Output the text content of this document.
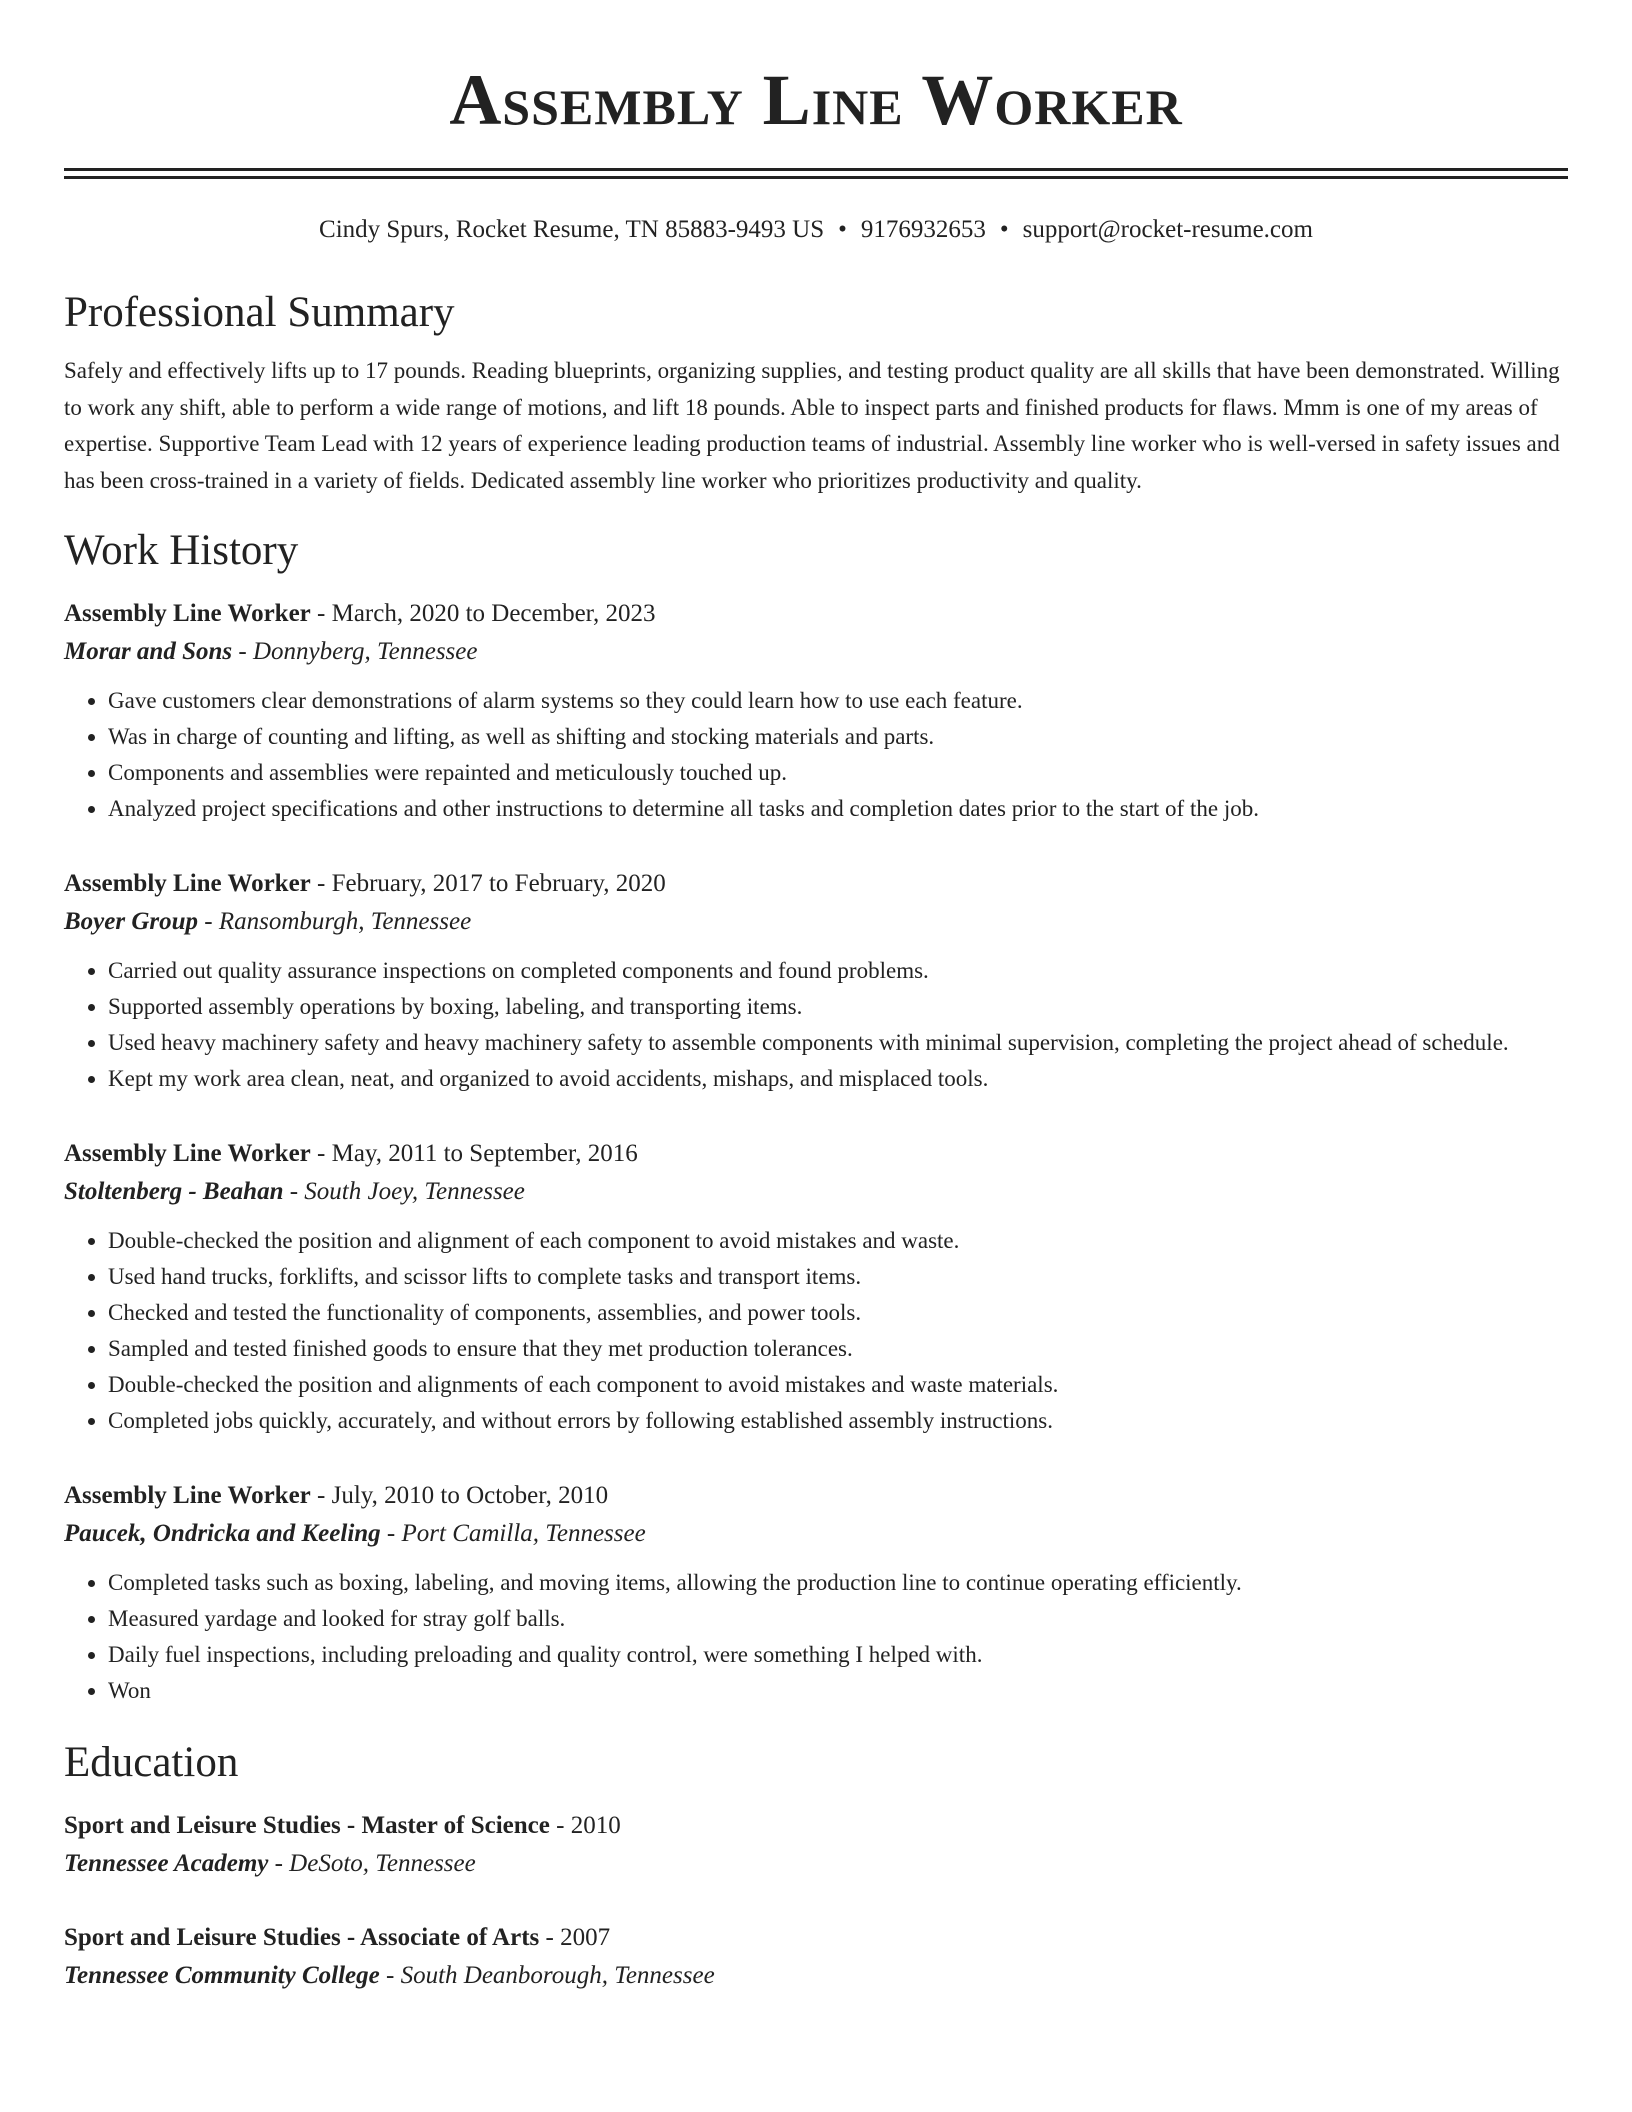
Assembly Line Worker
Cindy Spurs, Rocket Resume, TN 85883-9493 US • 9176932653 • support@rocket-resume.com
Professional Summary
Safely and effectively lifts up to 17 pounds. Reading blueprints, organizing supplies, and testing product quality are all skills that have been demonstrated. Willing to work any shift, able to perform a wide range of motions, and lift 18 pounds. Able to inspect parts and finished products for flaws. Mmm is one of my areas of expertise. Supportive Team Lead with 12 years of experience leading production teams of industrial. Assembly line worker who is well-versed in safety issues and has been cross-trained in a variety of fields. Dedicated assembly line worker who prioritizes productivity and quality.
Work History
Assembly Line Worker - March, 2020 to December, 2023
Morar and Sons - Donnyberg, Tennessee
• Gave customers clear demonstrations of alarm systems so they could learn how to use each feature.
• Was in charge of counting and lifting, as well as shifting and stocking materials and parts.
• Components and assemblies were repainted and meticulously touched up.
• Analyzed project specifications and other instructions to determine all tasks and completion dates prior to the start of the job.
Assembly Line Worker - February, 2017 to February, 2020
Boyer Group - Ransomburgh, Tennessee
• Carried out quality assurance inspections on completed components and found problems.
• Supported assembly operations by boxing, labeling, and transporting items.
• Used heavy machinery safety and heavy machinery safety to assemble components with minimal supervision, completing the project ahead of schedule.
• Kept my work area clean, neat, and organized to avoid accidents, mishaps, and misplaced tools.
Assembly Line Worker - May, 2011 to September, 2016
Stoltenberg - Beahan - South Joey, Tennessee
• Double-checked the position and alignment of each component to avoid mistakes and waste.
• Used hand trucks, forklifts, and scissor lifts to complete tasks and transport items.
• Checked and tested the functionality of components, assemblies, and power tools.
• Sampled and tested finished goods to ensure that they met production tolerances.
• Double-checked the position and alignments of each component to avoid mistakes and waste materials.
• Completed jobs quickly, accurately, and without errors by following established assembly instructions.
Assembly Line Worker - July, 2010 to October, 2010
Paucek, Ondricka and Keeling - Port Camilla, Tennessee
• Completed tasks such as boxing, labeling, and moving items, allowing the production line to continue operating efficiently.
• Measured yardage and looked for stray golf balls.
• Daily fuel inspections, including preloading and quality control, were something I helped with.
• Won
Education
Sport and Leisure Studies - Master of Science - 2010
Tennessee Academy - DeSoto, Tennessee
Sport and Leisure Studies - Associate of Arts - 2007
Tennessee Community College - South Deanborough, Tennessee
